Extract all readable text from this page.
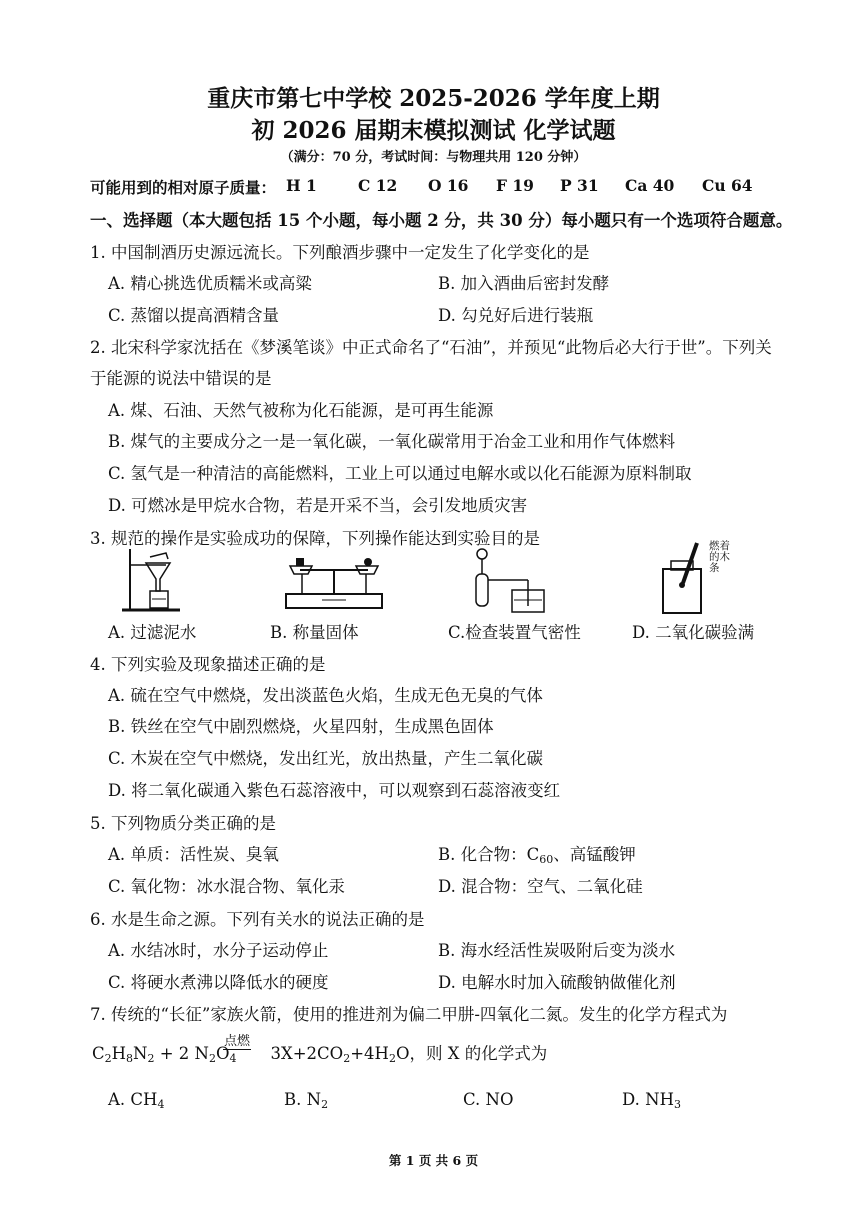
重庆市第七中学校 2025-2026 学年度上期
初 2026 届期末模拟测试 化学试题
（满分：70 分，考试时间：与物理共用 120 分钟）
可能用到的相对原子质量： H 1	C 12 O 16 F 19 P 31 Ca 40 Cu 64
一、选择题（本大题包括 15 个小题，每小题 2 分，共 30 分）每小题只有一个选项符合题意。
1. 中国制酒历史源远流长。下列酿酒步骤中一定发生了化学变化的是
A. 精心挑选优质糯米或高粱	B. 加入酒曲后密封发酵
C. 蒸馏以提高酒精含量	D. 勾兑好后进行装瓶
2. 北宋科学家沈括在《梦溪笔谈》中正式命名了“石油”，并预见“此物后必大行于世”。下列关
于能源的说法中错误的是
A. 煤、石油、天然气被称为化石能源，是可再生能源
B. 煤气的主要成分之一是一氧化碳，一氧化碳常用于冶金工业和用作气体燃料
C. 氢气是一种清洁的高能燃料，工业上可以通过电解水或以化石能源为原料制取
D. 可燃冰是甲烷水合物，若是开采不当，会引发地质灾害
3. 规范的操作是实验成功的保障，下列操作能达到实验目的是	燃着
的木
条
A. 过滤泥水	B. 称量固体	C.检查装置气密性	D. 二氧化碳验满
4. 下列实验及现象描述正确的是
A. 硫在空气中燃烧，发出淡蓝色火焰，生成无色无臭的气体
B. 铁丝在空气中剧烈燃烧，火星四射，生成黑色固体
C. 木炭在空气中燃烧，发出红光，放出热量，产生二氧化碳
D. 将二氧化碳通入紫色石蕊溶液中，可以观察到石蕊溶液变红
5. 下列物质分类正确的是
A. 单质：活性炭、臭氧	B. 化合物：$C_{60}$、高锰酸钾
C. 氧化物：冰水混合物、氧化汞	D. 混合物：空气、二氧化硅
6. 水是生命之源。下列有关水的说法正确的是
A. 水结冰时，水分子运动停止	B. 海水经活性炭吸附后变为淡水
C. 将硬水煮沸以降低水的硬度	D. 电解水时加入硫酸钠做催化剂
7. 传统的“长征”家族火箭，使用的推进剂为偏二甲肼-四氧化二氮。发生的化学方程式为
$C_2H_8N_2 + 2$ $N_2O_4$ $3X+2CO_2+4H_2O$，则 X 的化学式为
点燃
A. $CH_4$	B. $N_2$	C. NO	D. $NH_3$
第 1 页 共 6 页
